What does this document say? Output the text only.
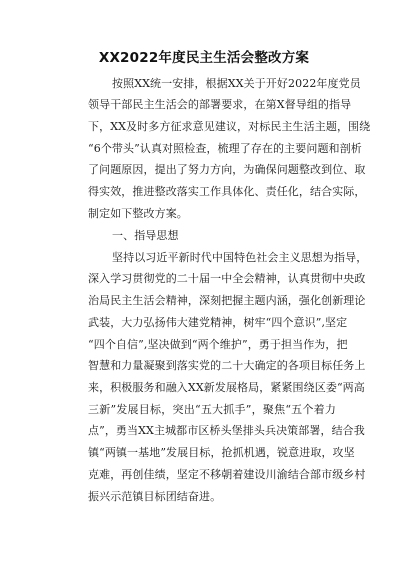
XX2022年度民主生活会整改方案
按照XX统一安排，根据XX关于开好2022年度党员
领导干部民主生活会的部署要求，在第X督导组的指导
下，XX及时多方征求意见建议，对标民主生活主题，围绕
“6个带头”认真对照检查，梳理了存在的主要问题和剖析
了问题原因，提出了努力方向，为确保问题整改到位、取
得实效，推进整改落实工作具体化、责任化，结合实际，
制定如下整改方案。
一、指导思想
坚持以习近平新时代中国特色社会主义思想为指导，
深入学习贯彻党的二十届一中全会精神，认真贯彻中央政
治局民主生活会精神，深刻把握主题内涵，强化创新理论
武装，大力弘扬伟大建党精神，树牢“四个意识”,坚定
“四个自信”,坚决做到“两个维护”，勇于担当作为，把
智慧和力量凝聚到落实党的二十大确定的各项目标任务上
来，积极服务和融入XX新发展格局，紧紧围绕区委“两高
三新”发展目标，突出“五大抓手”，聚焦“五个着力
点”，勇当XX主城都市区桥头堡排头兵决策部署，结合我
镇“两镇一基地”发展目标，抢抓机遇，锐意进取，攻坚
克难，再创佳绩，坚定不移朝着建设川渝结合部市级乡村
振兴示范镇目标团结奋进。
